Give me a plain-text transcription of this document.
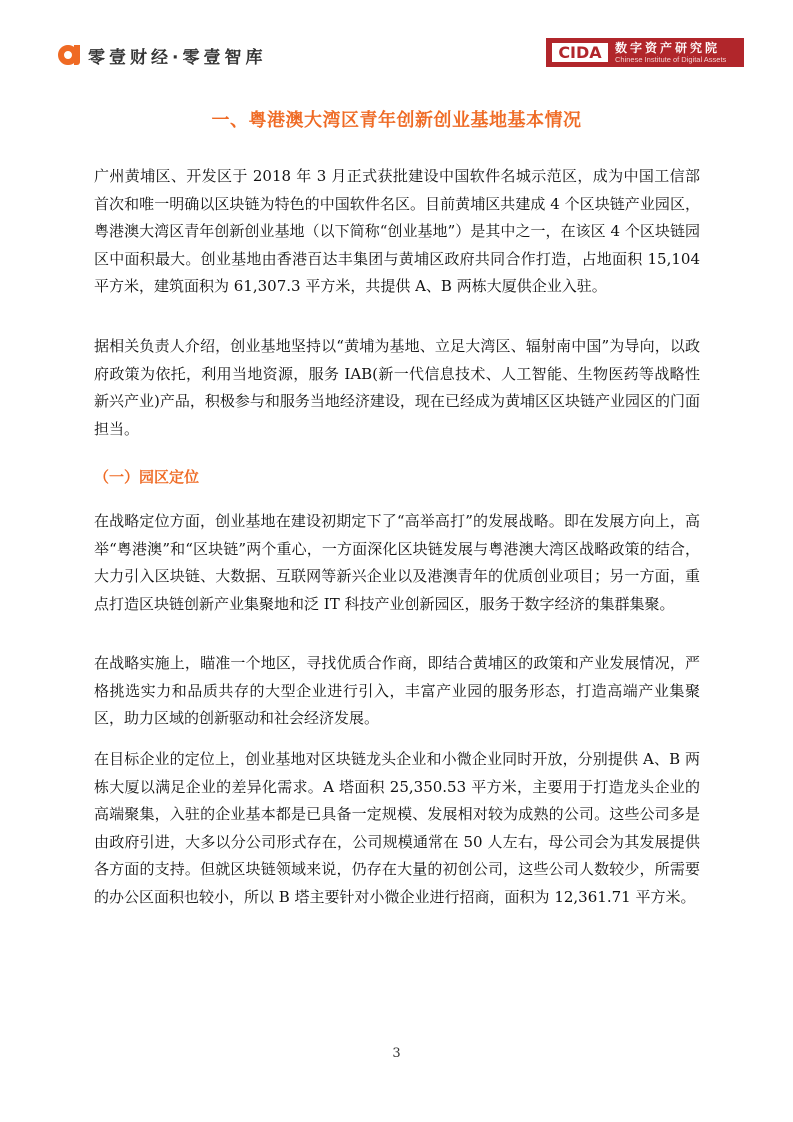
零壹财经·零壹智库	CIDA	数字资产研究院
Chinese Institute of Digital Assets
一、粤港澳大湾区青年创新创业基地基本情况

广州黄埔区、开发区于 2018 年 3 月正式获批建设中国软件名城示范区，成为中国工信部首次和唯一明确以区块链为特色的中国软件名区。目前黄埔区共建成 4 个区块链产业园区，粤港澳大湾区青年创新创业基地（以下简称“创业基地”）是其中之一，在该区 4 个区块链园区中面积最大。创业基地由香港百达丰集团与黄埔区政府共同合作打造，占地面积 15,104 平方米，建筑面积为 61,307.3 平方米，共提供 A、B 两栋大厦供企业入驻。

据相关负责人介绍，创业基地坚持以“黄埔为基地、立足大湾区、辐射南中国”为导向，以政府政策为依托，利用当地资源，服务 IAB(新一代信息技术、人工智能、生物医药等战略性新兴产业)产品，积极参与和服务当地经济建设，现在已经成为黄埔区区块链产业园区的门面担当。

（一）园区定位

在战略定位方面，创业基地在建设初期定下了“高举高打”的发展战略。即在发展方向上，高举“粤港澳”和“区块链”两个重心，一方面深化区块链发展与粤港澳大湾区战略政策的结合，大力引入区块链、大数据、互联网等新兴企业以及港澳青年的优质创业项目；另一方面，重点打造区块链创新产业集聚地和泛 IT 科技产业创新园区，服务于数字经济的集群集聚。

在战略实施上，瞄准一个地区，寻找优质合作商，即结合黄埔区的政策和产业发展情况，严格挑选实力和品质共存的大型企业进行引入，丰富产业园的服务形态，打造高端产业集聚区，助力区域的创新驱动和社会经济发展。

在目标企业的定位上，创业基地对区块链龙头企业和小微企业同时开放，分别提供 A、B 两栋大厦以满足企业的差异化需求。A 塔面积 25,350.53 平方米，主要用于打造龙头企业的高端聚集，入驻的企业基本都是已具备一定规模、发展相对较为成熟的公司。这些公司多是由政府引进，大多以分公司形式存在，公司规模通常在 50 人左右，母公司会为其发展提供各方面的支持。但就区块链领域来说，仍存在大量的初创公司，这些公司人数较少，所需要的办公区面积也较小，所以 B 塔主要针对小微企业进行招商，面积为 12,361.71 平方米。

3
